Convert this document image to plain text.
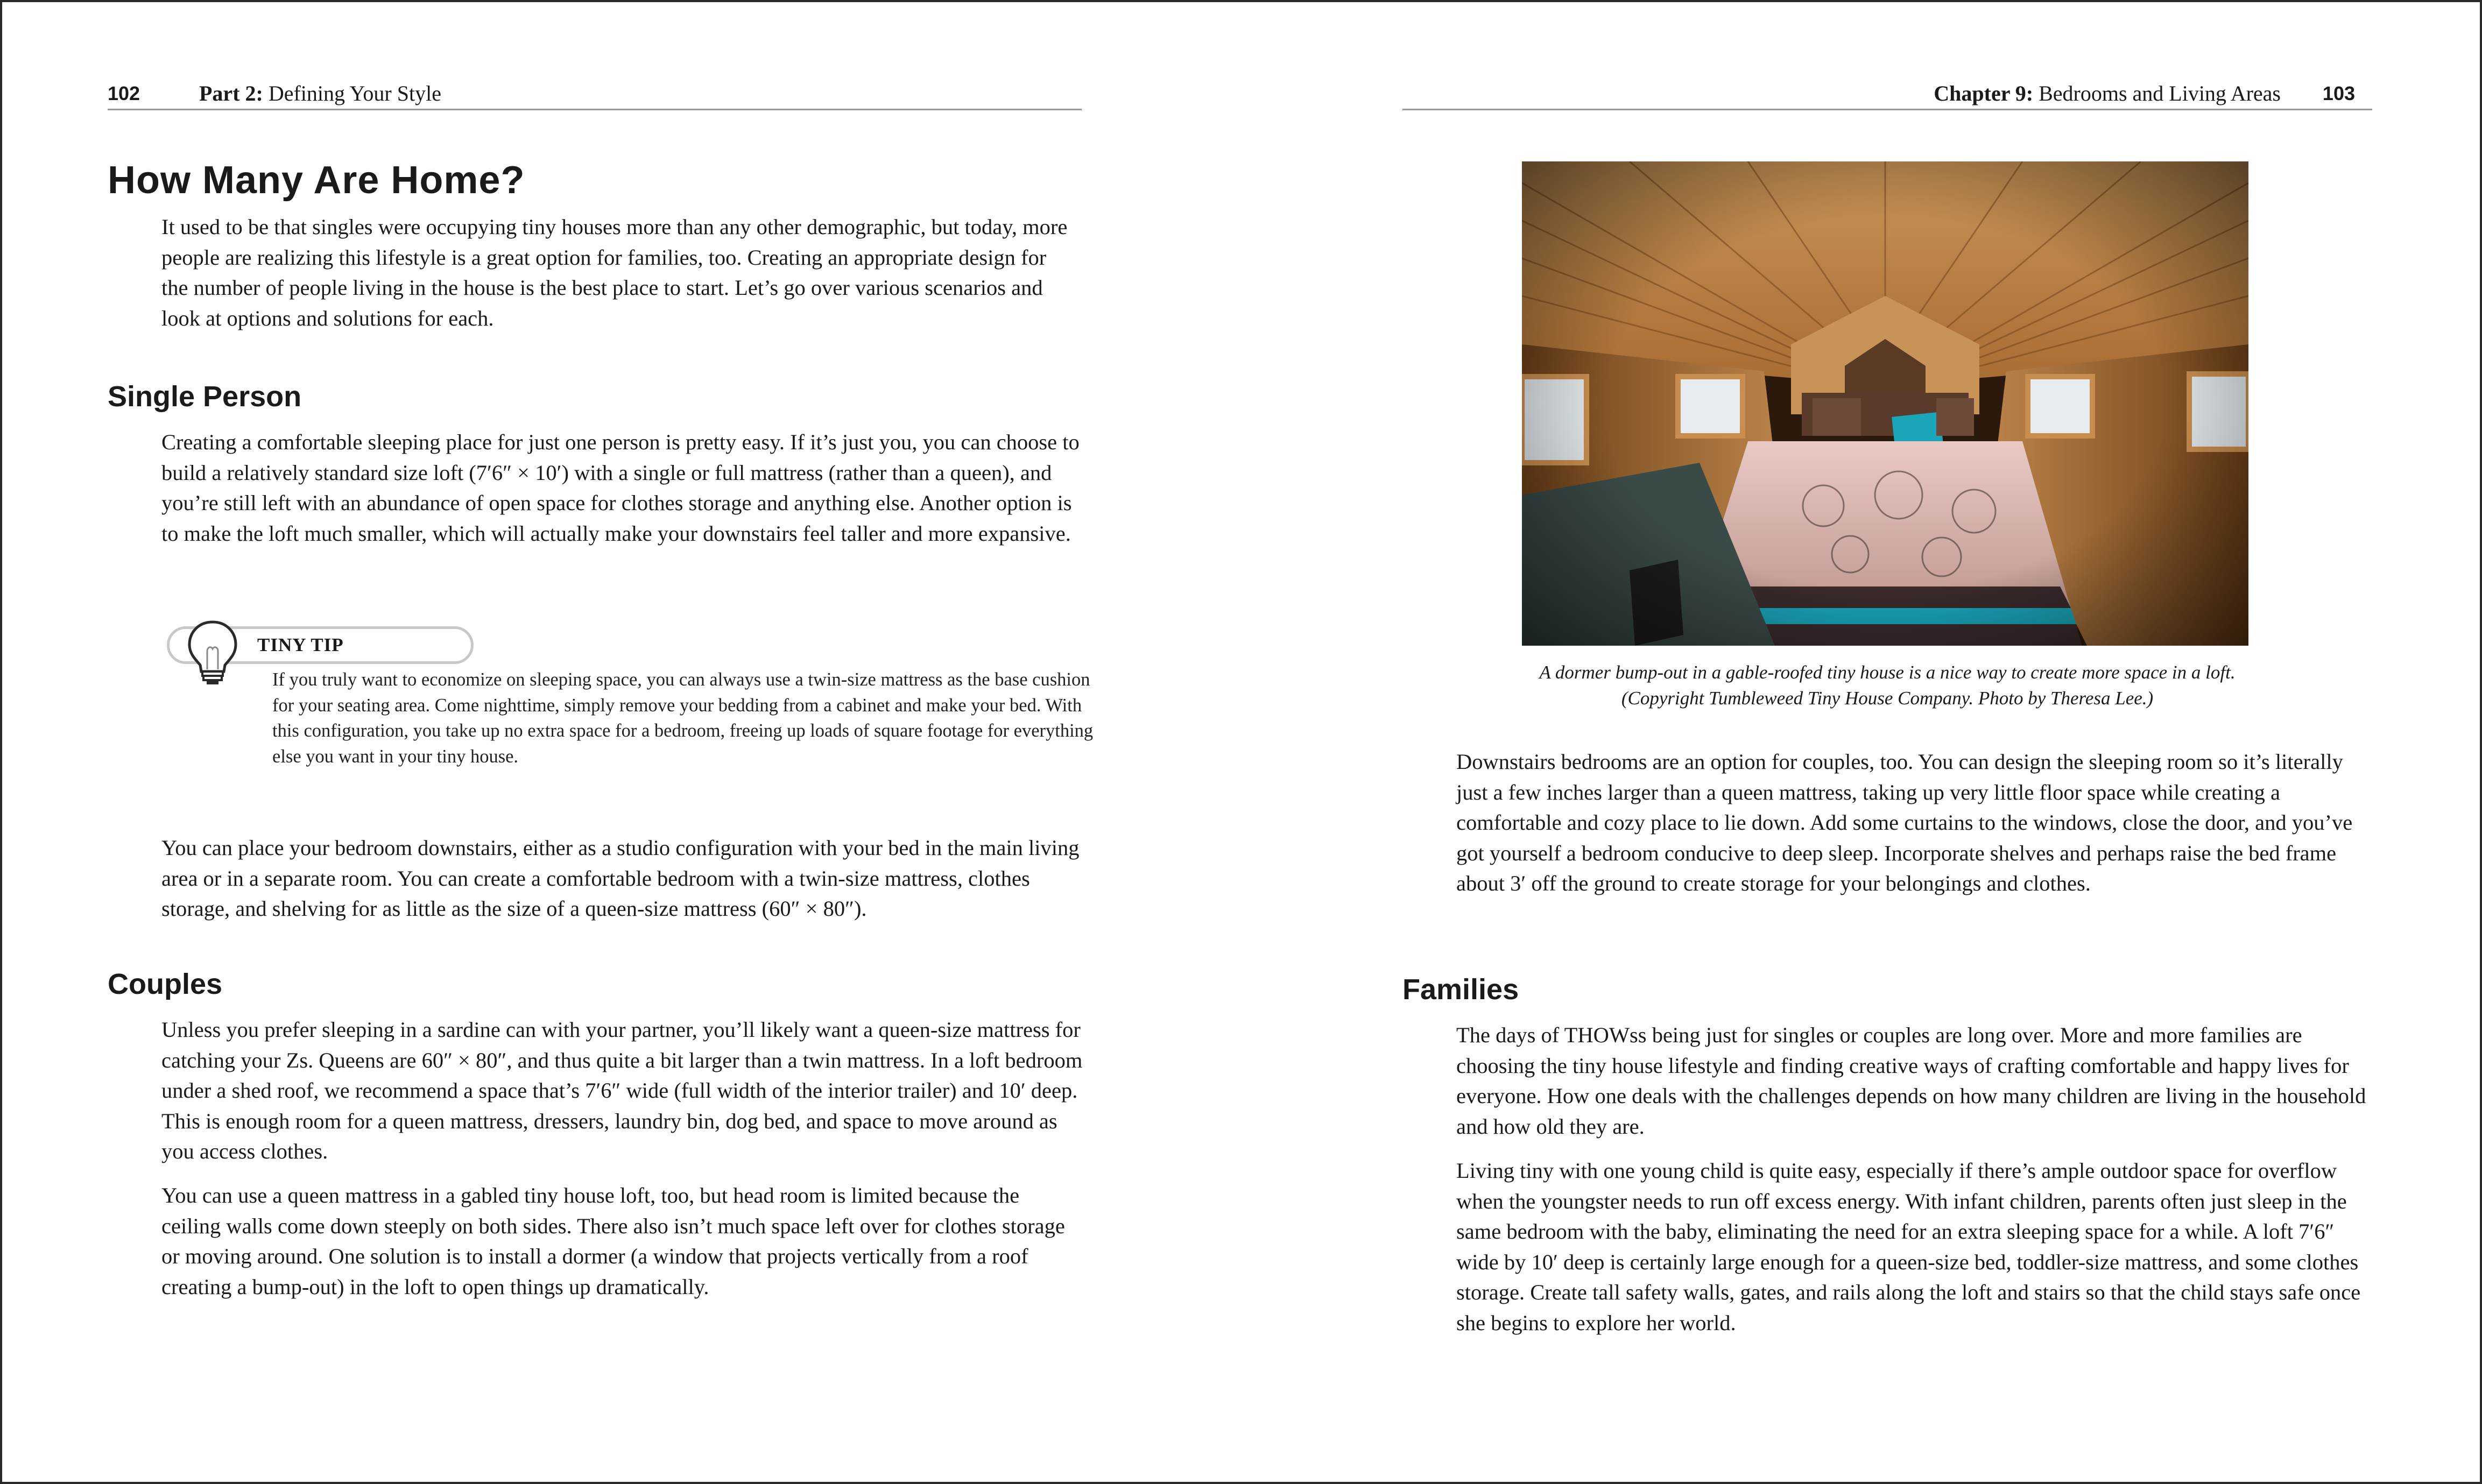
102	Part 2: Defining Your Style
How Many Are Home?

It used to be that singles were occupying tiny houses more than any other demographic, but today, more people are realizing this lifestyle is a great option for families, too. Creating an appropriate design for the number of people living in the house is the best place to start. Let’s go over various scenarios and look at options and solutions for each.

Single Person

Creating a comfortable sleeping place for just one person is pretty easy. If it’s just you, you can choose to build a relatively standard size loft (7′6″ × 10′) with a single or full mattress (rather than a queen), and you’re still left with an abundance of open space for clothes storage and anything else. Another option is to make the loft much smaller, which will actually make your downstairs feel taller and more expansive.

TINY TIP

If you truly want to economize on sleeping space, you can always use a twin-size mattress as the base cushion for your seating area. Come nighttime, simply remove your bedding from a cabinet and make your bed. With this configuration, you take up no extra space for a bedroom, freeing up loads of square footage for everything else you want in your tiny house.

You can place your bedroom downstairs, either as a studio configuration with your bed in the main living area or in a separate room. You can create a comfortable bedroom with a twin-size mattress, clothes storage, and shelving for as little as the size of a queen-size mattress (60″ × 80″).

Couples

Unless you prefer sleeping in a sardine can with your partner, you’ll likely want a queen-size mattress for catching your Zs. Queens are 60″ × 80″, and thus quite a bit larger than a twin mattress. In a loft bedroom under a shed roof, we recommend a space that’s 7′6″ wide (full width of the interior trailer) and 10′ deep. This is enough room for a queen mattress, dressers, laundry bin, dog bed, and space to move around as you access clothes.

You can use a queen mattress in a gabled tiny house loft, too, but head room is limited because the ceiling walls come down steeply on both sides. There also isn’t much space left over for clothes storage or moving around. One solution is to install a dormer (a window that projects vertically from a roof creating a bump-out) in the loft to open things up dramatically.

Chapter 9: Bedrooms and Living Areas 103

A dormer bump-out in a gable-roofed tiny house is a nice way to create more space in a loft.
(Copyright Tumbleweed Tiny House Company. Photo by Theresa Lee.)

Downstairs bedrooms are an option for couples, too. You can design the sleeping room so it’s literally just a few inches larger than a queen mattress, taking up very little floor space while creating a comfortable and cozy place to lie down. Add some curtains to the windows, close the door, and you’ve got yourself a bedroom conducive to deep sleep. Incorporate shelves and perhaps raise the bed frame about 3′ off the ground to create storage for your belongings and clothes.

Families

The days of THOWss being just for singles or couples are long over. More and more families are choosing the tiny house lifestyle and finding creative ways of crafting comfortable and happy lives for everyone. How one deals with the challenges depends on how many children are living in the household and how old they are.

Living tiny with one young child is quite easy, especially if there’s ample outdoor space for overflow when the youngster needs to run off excess energy. With infant children, parents often just sleep in the same bedroom with the baby, eliminating the need for an extra sleeping space for a while. A loft 7′6″ wide by 10′ deep is certainly large enough for a queen-size bed, toddler-size mattress, and some clothes storage. Create tall safety walls, gates, and rails along the loft and stairs so that the child stays safe once she begins to explore her world.
